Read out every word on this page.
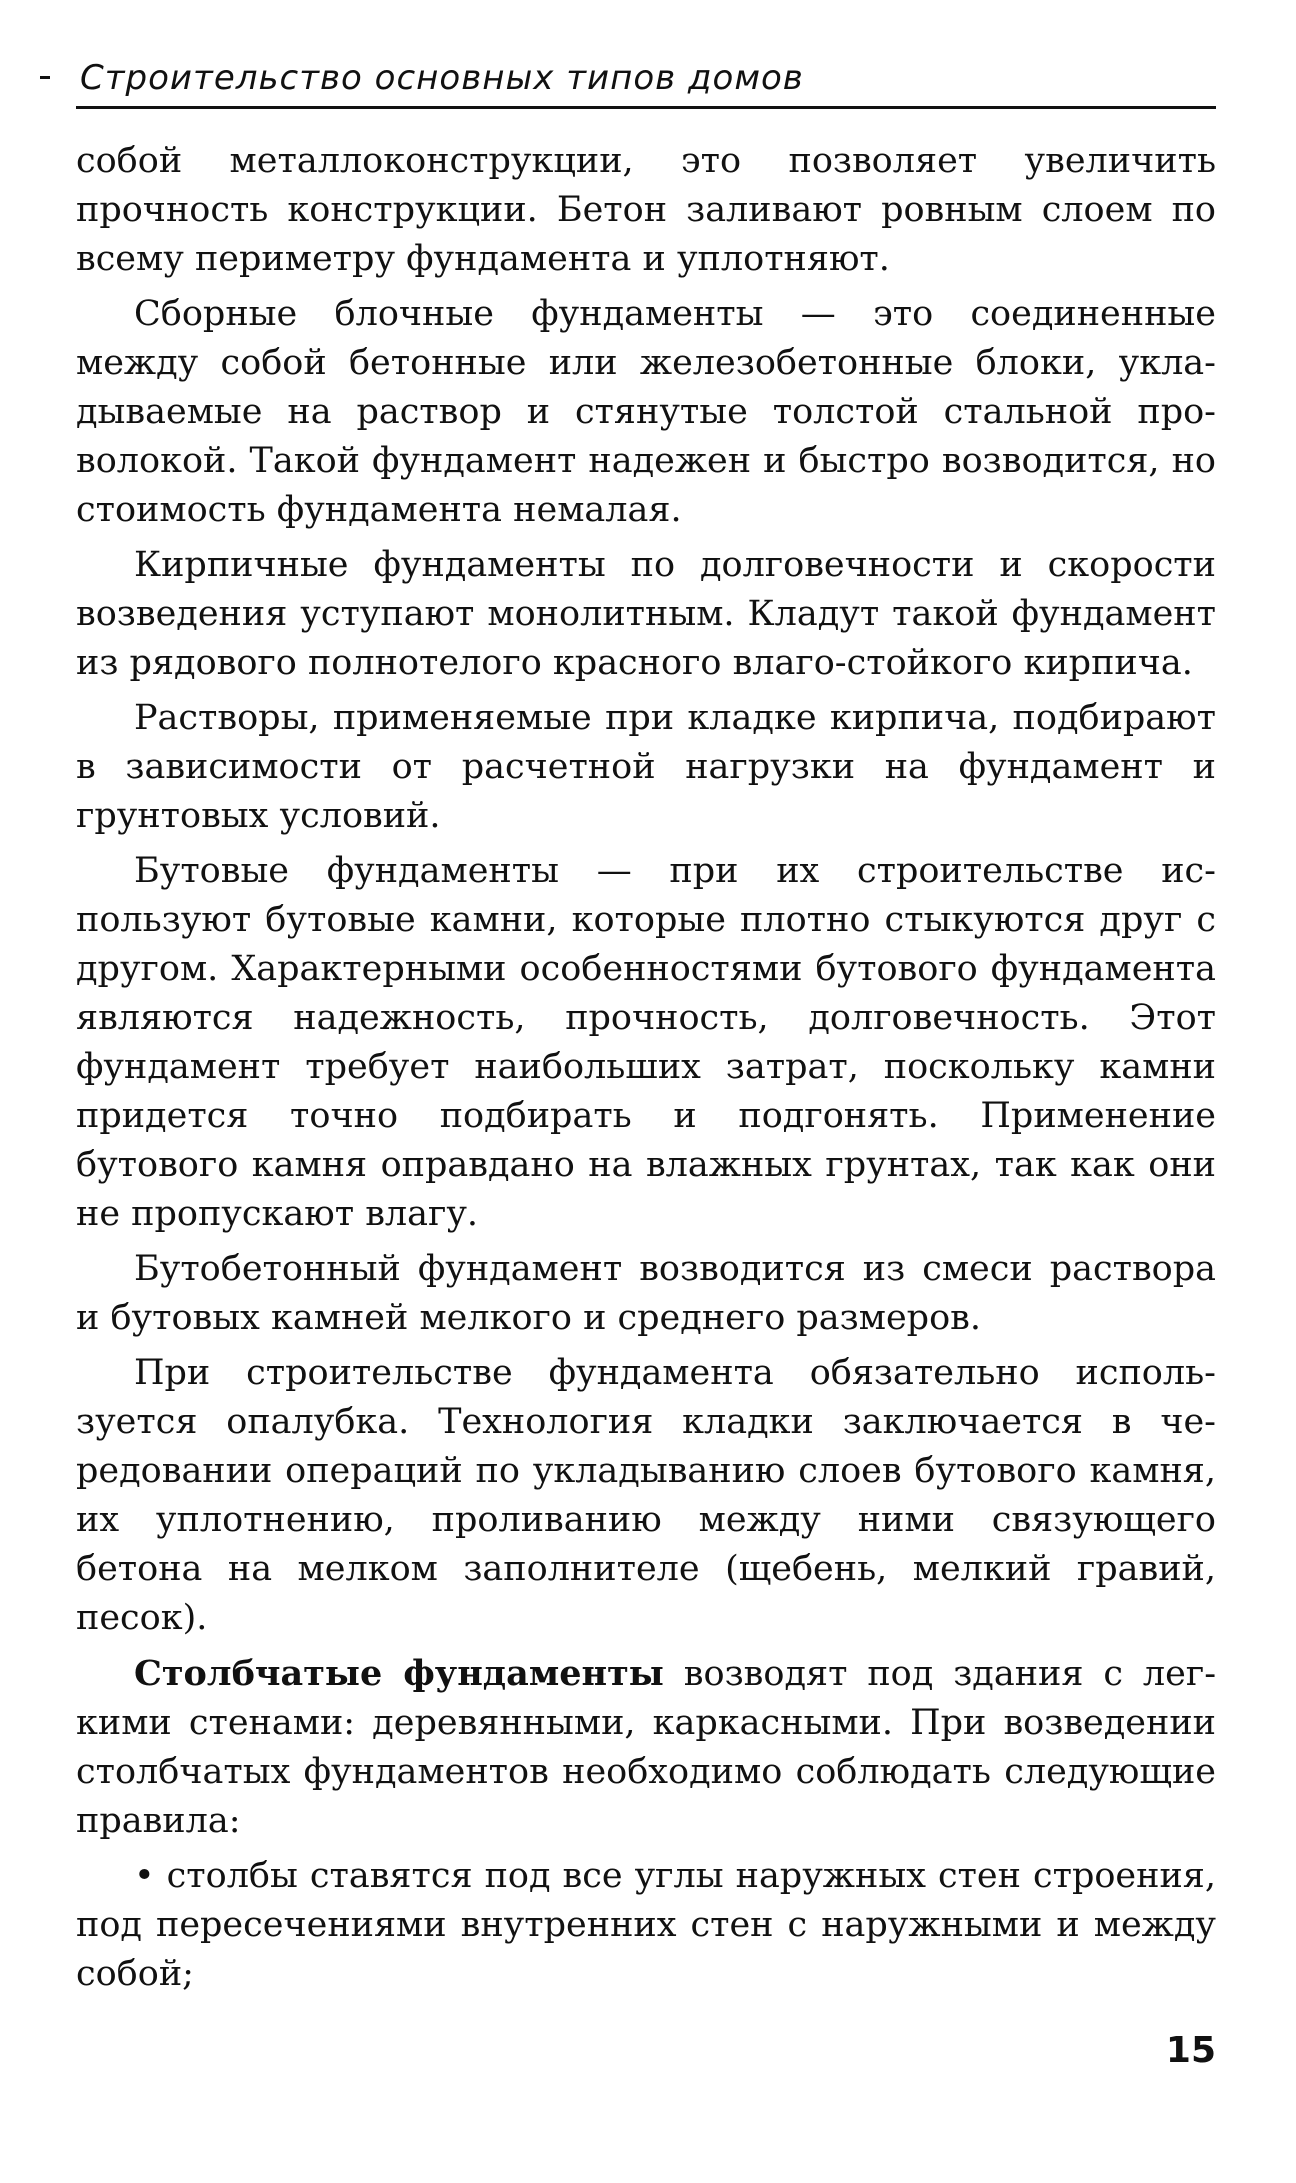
Строительство основных типов домов

собой металлоконструкции, это позволяет увеличить прочность конструкции. Бетон заливают ровным слоем по всему периметру фундамента и уплотняют.

Сборные блочные фундаменты — это соединенные между собой бетонные или железобетонные блоки, укладываемые на раствор и стянутые толстой стальной проволокой. Такой фундамент надежен и быстро возводится, но стоимость фундамента немалая.

Кирпичные фундаменты по долговечности и скорости возведения уступают монолитным. Кладут такой фундамент из рядового полнотелого красного влаго-стойкого кирпича.

Растворы, применяемые при кладке кирпича, подбирают в зависимости от расчетной нагрузки на фундамент и грунтовых условий.

Бутовые фундаменты — при их строительстве используют бутовые камни, которые плотно стыкуются друг с другом. Характерными особенностями бутового фундамента являются надежность, прочность, долговечность. Этот фундамент требует наибольших затрат, поскольку камни придется точно подбирать и подгонять. Применение бутового камня оправдано на влажных грунтах, так как они не пропускают влагу.

Бутобетонный фундамент возводится из смеси раствора и бутовых камней мелкого и среднего размеров.

При строительстве фундамента обязательно используется опалубка. Технология кладки заключается в чередовании операций по укладыванию слоев бутового камня, их уплотнению, проливанию между ними связующего бетона на мелком заполнителе (щебень, мелкий гравий, песок).

Столбчатые фундаменты возводят под здания с легкими стенами: деревянными, каркасными. При возведении столбчатых фундаментов необходимо соблюдать следующие правила:

• столбы ставятся под все углы наружных стен строения, под пересечениями внутренних стен с наружными и между собой;

15
